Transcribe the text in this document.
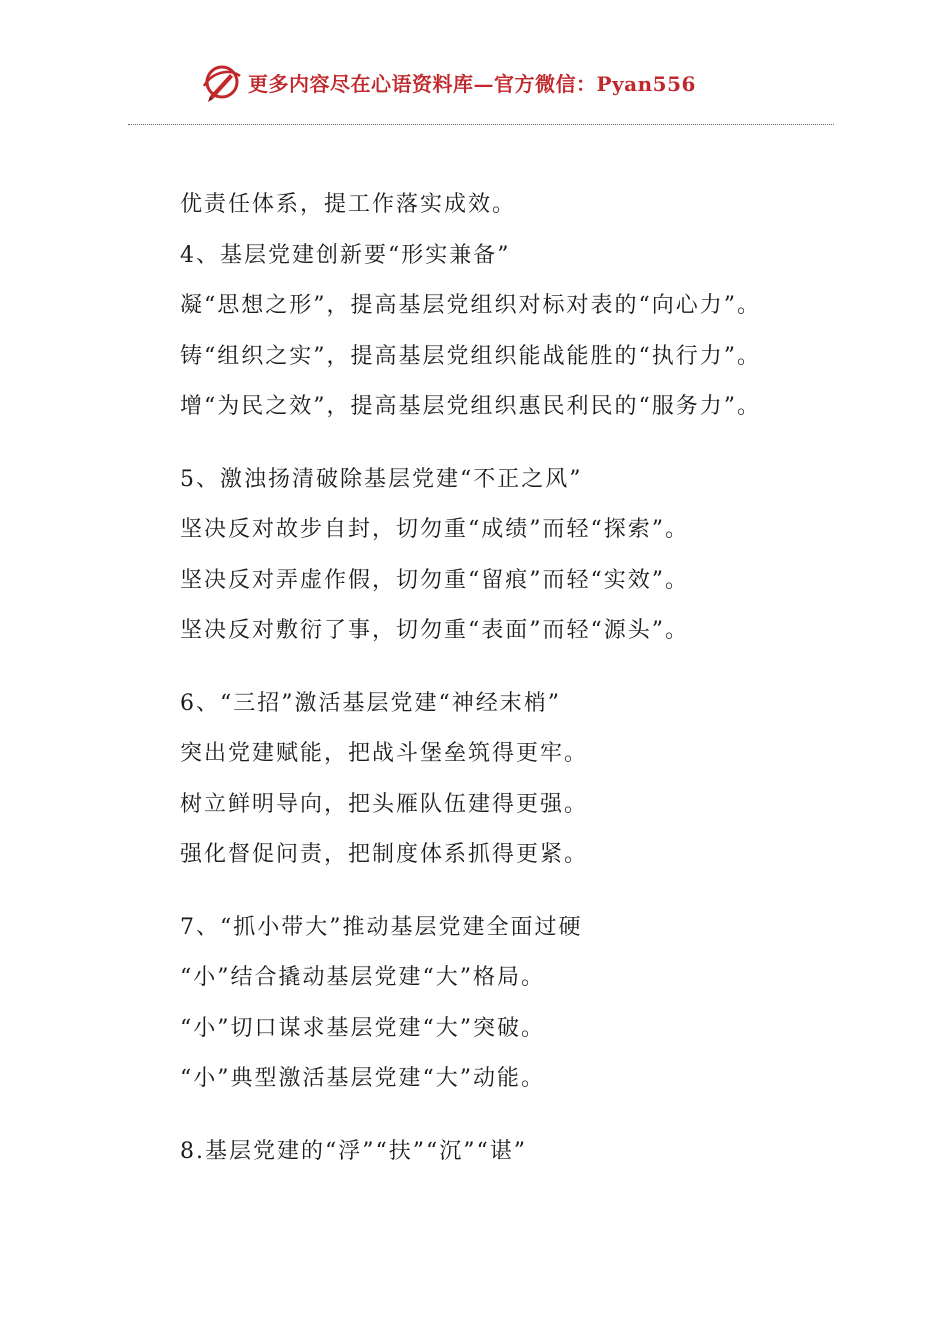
更多内容尽在心语资料库—官方微信：Pyan556
优责任体系，提工作落实成效。
4、基层党建创新要“形实兼备”
凝“思想之形”，提高基层党组织对标对表的“向心力”。
铸“组织之实”，提高基层党组织能战能胜的“执行力”。
增“为民之效”，提高基层党组织惠民利民的“服务力”。
5、激浊扬清破除基层党建“不正之风”
坚决反对故步自封，切勿重“成绩”而轻“探索”。
坚决反对弄虚作假，切勿重“留痕”而轻“实效”。
坚决反对敷衍了事，切勿重“表面”而轻“源头”。
6、“三招”激活基层党建“神经末梢”
突出党建赋能，把战斗堡垒筑得更牢。
树立鲜明导向，把头雁队伍建得更强。
强化督促问责，把制度体系抓得更紧。
7、“抓小带大”推动基层党建全面过硬
“小”结合撬动基层党建“大”格局。
“小”切口谋求基层党建“大”突破。
“小”典型激活基层党建“大”动能。
8.基层党建的“浮”“扶”“沉”“谌”
